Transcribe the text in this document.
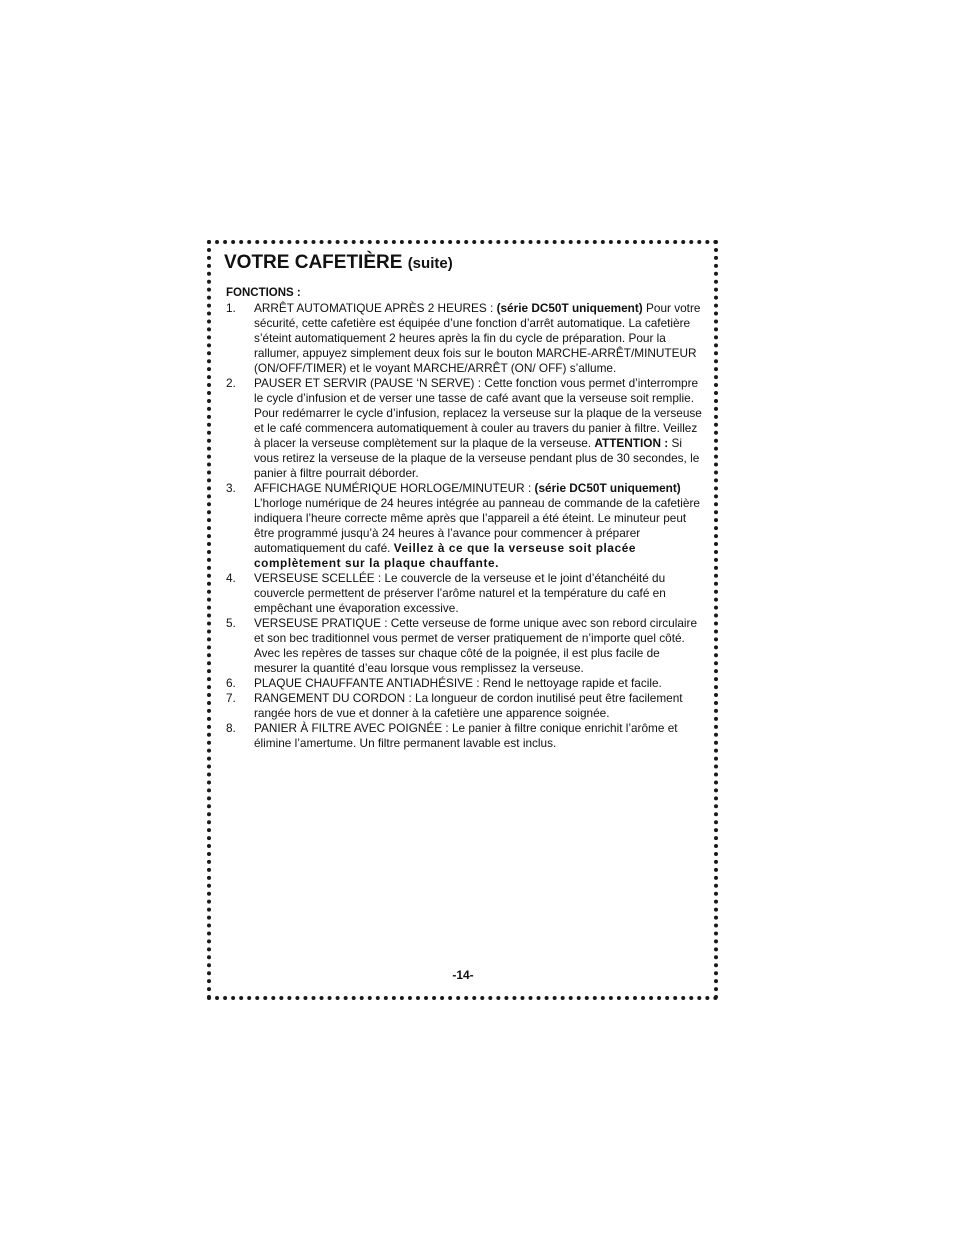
VOTRE CAFETIÈRE (suite)
FONCTIONS :
1. ARRÊT AUTOMATIQUE APRÈS 2 HEURES : (série DC50T uniquement) Pour votre sécurité, cette cafetière est équipée d’une fonction d’arrêt automatique. La cafetière s’éteint automatiquement 2 heures après la fin du cycle de préparation. Pour la rallumer, appuyez simplement deux fois sur le bouton MARCHE-ARRÊT/MINUTEUR (ON/OFF/TIMER) et le voyant MARCHE/ARRÊT (ON/ OFF) s’allume.
2. PAUSER ET SERVIR (PAUSE ‘N SERVE) : Cette fonction vous permet d’interrompre le cycle d’infusion et de verser une tasse de café avant que la verseuse soit remplie. Pour redémarrer le cycle d’infusion, replacez la verseuse sur la plaque de la verseuse et le café commencera automatiquement à couler au travers du panier à filtre. Veillez à placer la verseuse complètement sur la plaque de la verseuse. ATTENTION : Si vous retirez la verseuse de la plaque de la verseuse pendant plus de 30 secondes, le panier à filtre pourrait déborder.
3. AFFICHAGE NUMÉRIQUE HORLOGE/MINUTEUR : (série DC50T uniquement) L’horloge numérique de 24 heures intégrée au panneau de commande de la cafetière indiquera l’heure correcte même après que l’appareil a été éteint. Le minuteur peut être programmé jusqu’à 24 heures à l’avance pour commencer à préparer automatiquement du café. Veillez à ce que la verseuse soit placée complètement sur la plaque chauffante.
4. VERSEUSE SCELLÉE : Le couvercle de la verseuse et le joint d’étanchéité du couvercle permettent de préserver l’arôme naturel et la température du café en empêchant une évaporation excessive.
5. VERSEUSE PRATIQUE : Cette verseuse de forme unique avec son rebord circulaire et son bec traditionnel vous permet de verser pratiquement de n’importe quel côté. Avec les repères de tasses sur chaque côté de la poignée, il est plus facile de mesurer la quantité d’eau lorsque vous remplissez la verseuse.
6. PLAQUE CHAUFFANTE ANTIADHÉSIVE : Rend le nettoyage rapide et facile.
7. RANGEMENT DU CORDON : La longueur de cordon inutilisé peut être facilement rangée hors de vue et donner à la cafetière une apparence soignée.
8. PANIER À FILTRE AVEC POIGNÉE : Le panier à filtre conique enrichit l’arôme et élimine l’amertume. Un filtre permanent lavable est inclus.
-14-
